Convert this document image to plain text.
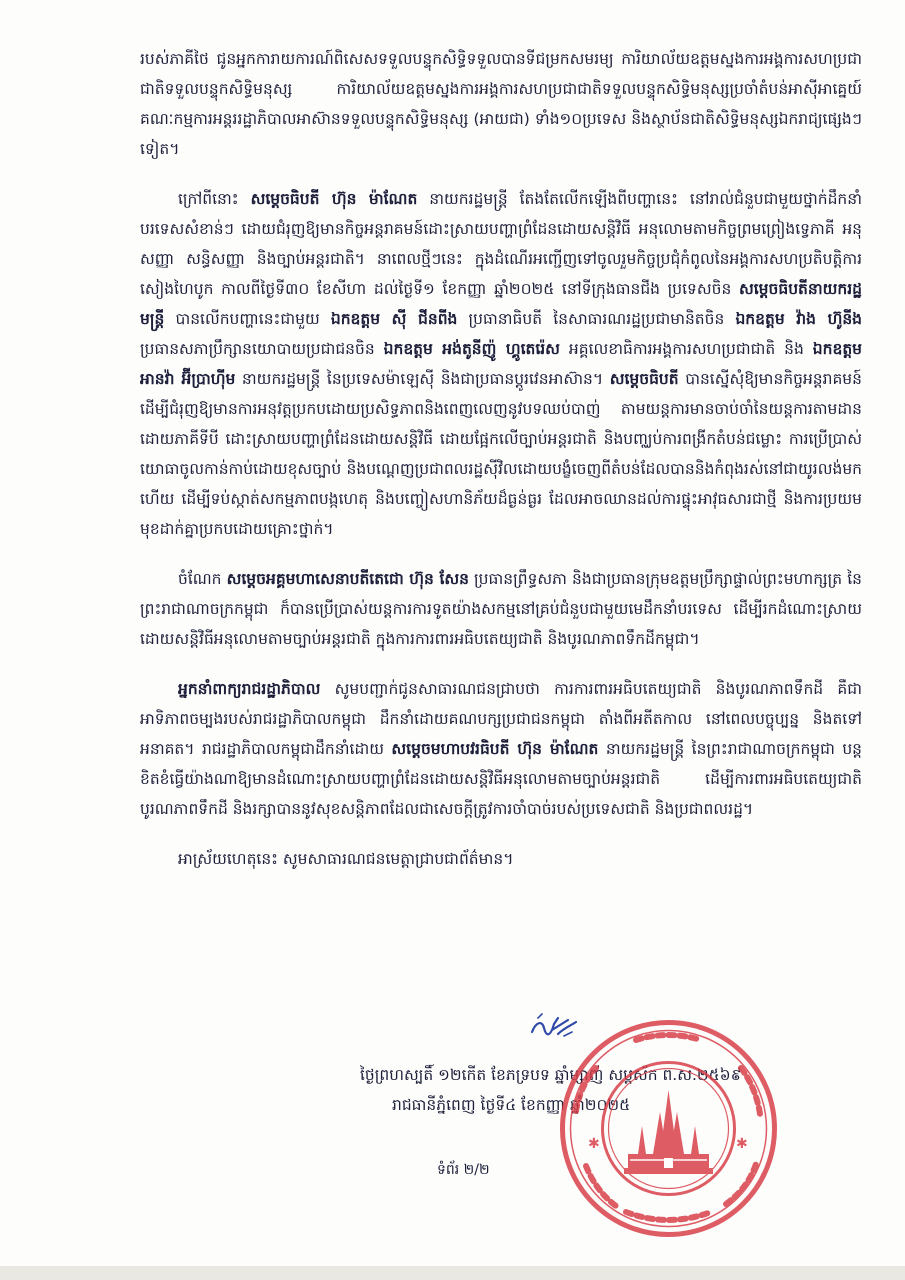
របស់ភាគីថៃ ជូនអ្នកការាយការណ៍ពិសេសទទួលបន្ទុកសិទ្ធិទទួលបានទីជម្រកសមរម្យ ការិយាល័យឧត្តមស្នងការអង្គការសហប្រជាជាតិទទួលបន្ទុកសិទ្ធិមនុស្ស ការិយាល័យឧត្តមស្នងការអង្គការសហប្រជាជាតិទទួលបន្ទុកសិទ្ធិមនុស្សប្រចាំតំបន់អាស៊ីអាគ្នេយ៍ គណៈកម្មការអន្តររដ្ឋាភិបាលអាស៊ានទទួលបន្ទុកសិទ្ធិមនុស្ស (អាយជា) ទាំង១០ប្រទេស និងស្ថាប័នជាតិសិទ្ធិមនុស្សឯករាជ្យផ្សេងៗទៀត។

ក្រៅពីនោះ សម្តេចធិបតី ហ៊ុន ម៉ាណែត នាយករដ្ឋមន្ត្រី តែងតែលើកឡើងពីបញ្ហានេះ នៅរាល់ជំនួបជាមួយថ្នាក់ដឹកនាំបរទេសសំខាន់ៗ ដោយជំរុញឱ្យមានកិច្ចអន្តរាគមន៍ដោះស្រាយបញ្ហាព្រំដែនដោយសន្តិវិធី អនុលោមតាមកិច្ចព្រមព្រៀងទ្វេភាគី អនុសញ្ញា សន្ធិសញ្ញា និងច្បាប់អន្តរជាតិ។ នាពេលថ្មីៗនេះ ក្នុងដំណើរអញ្ជើញទៅចូលរួមកិច្ចប្រជុំកំពូលនៃអង្គការសហប្រតិបត្តិការសៀងហៃបូក កាលពីថ្ងៃទី៣០ ខែសីហា ដល់ថ្ងៃទី១ ខែកញ្ញា ឆ្នាំ២០២៥ នៅទីក្រុងធានជីង ប្រទេសចិន សម្តេចធិបតីនាយករដ្ឋមន្ត្រី បានលើកបញ្ហានេះជាមួយ ឯកឧត្តម ស៊ី ជីនពីង ប្រធានាធិបតី នៃសាធារណរដ្ឋប្រជាមានិតចិន ឯកឧត្តម វ៉ាង ហ៊ូនីង ប្រធានសភាប្រឹក្សានយោបាយប្រជាជនចិន ឯកឧត្តម អង់តូនីញ៉ូ ហ្គូតេរ៉េស អគ្គលេខាធិការអង្គការសហប្រជាជាតិ និង ឯកឧត្តម អានវ៉ា អ៊ីប្រាហ៊ីម នាយករដ្ឋមន្ត្រី នៃប្រទេសម៉ាឡេស៊ី និងជាប្រធានប្តូរវេនអាស៊ាន។ សម្តេចធិបតី បានស្នើសុំឱ្យមានកិច្ចអន្តរាគមន៍ ដើម្បីជំរុញឱ្យមានការអនុវត្តប្រកបដោយប្រសិទ្ធភាពនិងពេញលេញនូវបទឈប់បាញ់ តាមយន្តការមានចាប់ចាំនៃយន្តការតាមដានដោយភាគីទីបី ដោះស្រាយបញ្ហាព្រំដែនដោយសន្តិវិធី ដោយផ្អែកលើច្បាប់អន្តរជាតិ និងបញ្ឈប់ការពង្រីកតំបន់ជម្លោះ ការប្រើប្រាស់យោធាចូលកាន់កាប់ដោយខុសច្បាប់ និងបណ្តេញប្រជាពលរដ្ឋស៊ីវិលដោយបង្ខំចេញពីតំបន់ដែលបាននិងកំពុងរស់នៅជាយូរលង់មកហើយ ដើម្បីទប់ស្កាត់សកម្មភាពបង្កហេតុ និងបញ្ចៀសហានិភ័យដ៏ធ្ងន់ធ្ងរ ដែលអាចឈានដល់ការផ្ទុះអាវុធសារជាថ្មី និងការប្រយមមុខដាក់គ្នាប្រកបដោយគ្រោះថ្នាក់។

ចំណែក សម្តេចអគ្គមហាសេនាបតីតេជោ ហ៊ុន សែន ប្រធានព្រឹទ្ធសភា និងជាប្រធានក្រុមឧត្តមប្រឹក្សាផ្ទាល់ព្រះមហាក្សត្រ នៃព្រះរាជាណាចក្រកម្ពុជា ក៏បានប្រើប្រាស់យន្តការការទូតយ៉ាងសកម្មនៅគ្រប់ជំនួបជាមួយមេដឹកនាំបរទេស ដើម្បីរកដំណោះស្រាយដោយសន្តិវិធីអនុលោមតាមច្បាប់អន្តរជាតិ ក្នុងការការពារអធិបតេយ្យជាតិ និងបូរណភាពទឹកដីកម្ពុជា។

អ្នកនាំពាក្យរាជរដ្ឋាភិបាល សូមបញ្ជាក់ជូនសាធារណជនជ្រាបថា ការការពារអធិបតេយ្យជាតិ និងបូរណភាពទឹកដី គឺជាអាទិភាពចម្បងរបស់រាជរដ្ឋាភិបាលកម្ពុជា ដឹកនាំដោយគណបក្សប្រជាជនកម្ពុជា តាំងពីអតីតកាល នៅពេលបច្ចុប្បន្ន និងតទៅអនាគត។ រាជរដ្ឋាភិបាលកម្ពុជាដឹកនាំដោយ សម្តេចមហាបវរធិបតី ហ៊ុន ម៉ាណែត នាយករដ្ឋមន្ត្រី នៃព្រះរាជាណាចក្រកម្ពុជា បន្តខិតខំធ្វើយ៉ាងណាឱ្យមានដំណោះស្រាយបញ្ហាព្រំដែនដោយសន្តិវិធីអនុលោមតាមច្បាប់អន្តរជាតិ ដើម្បីការពារអធិបតេយ្យជាតិ បូរណភាពទឹកដី និងរក្សាបាននូវសុខសន្តិភាពដែលជាសេចក្តីត្រូវការចាំបាច់របស់ប្រទេសជាតិ និងប្រជាពលរដ្ឋ។

អាស្រ័យហេតុនេះ សូមសាធារណជនមេត្តាជ្រាបជាព័ត៌មាន។

ថ្ងៃព្រហស្បតិ៍ ១២កើត ខែភទ្របទ ឆ្នាំម្សាញ់ សប្តស័ក ព.ស.២៥៦៩
រាជធានីភ្នំពេញ ថ្ងៃទី៤ ខែកញ្ញា ឆ្នាំ២០២៥
✱	✱
ទំព័រ ២/២
